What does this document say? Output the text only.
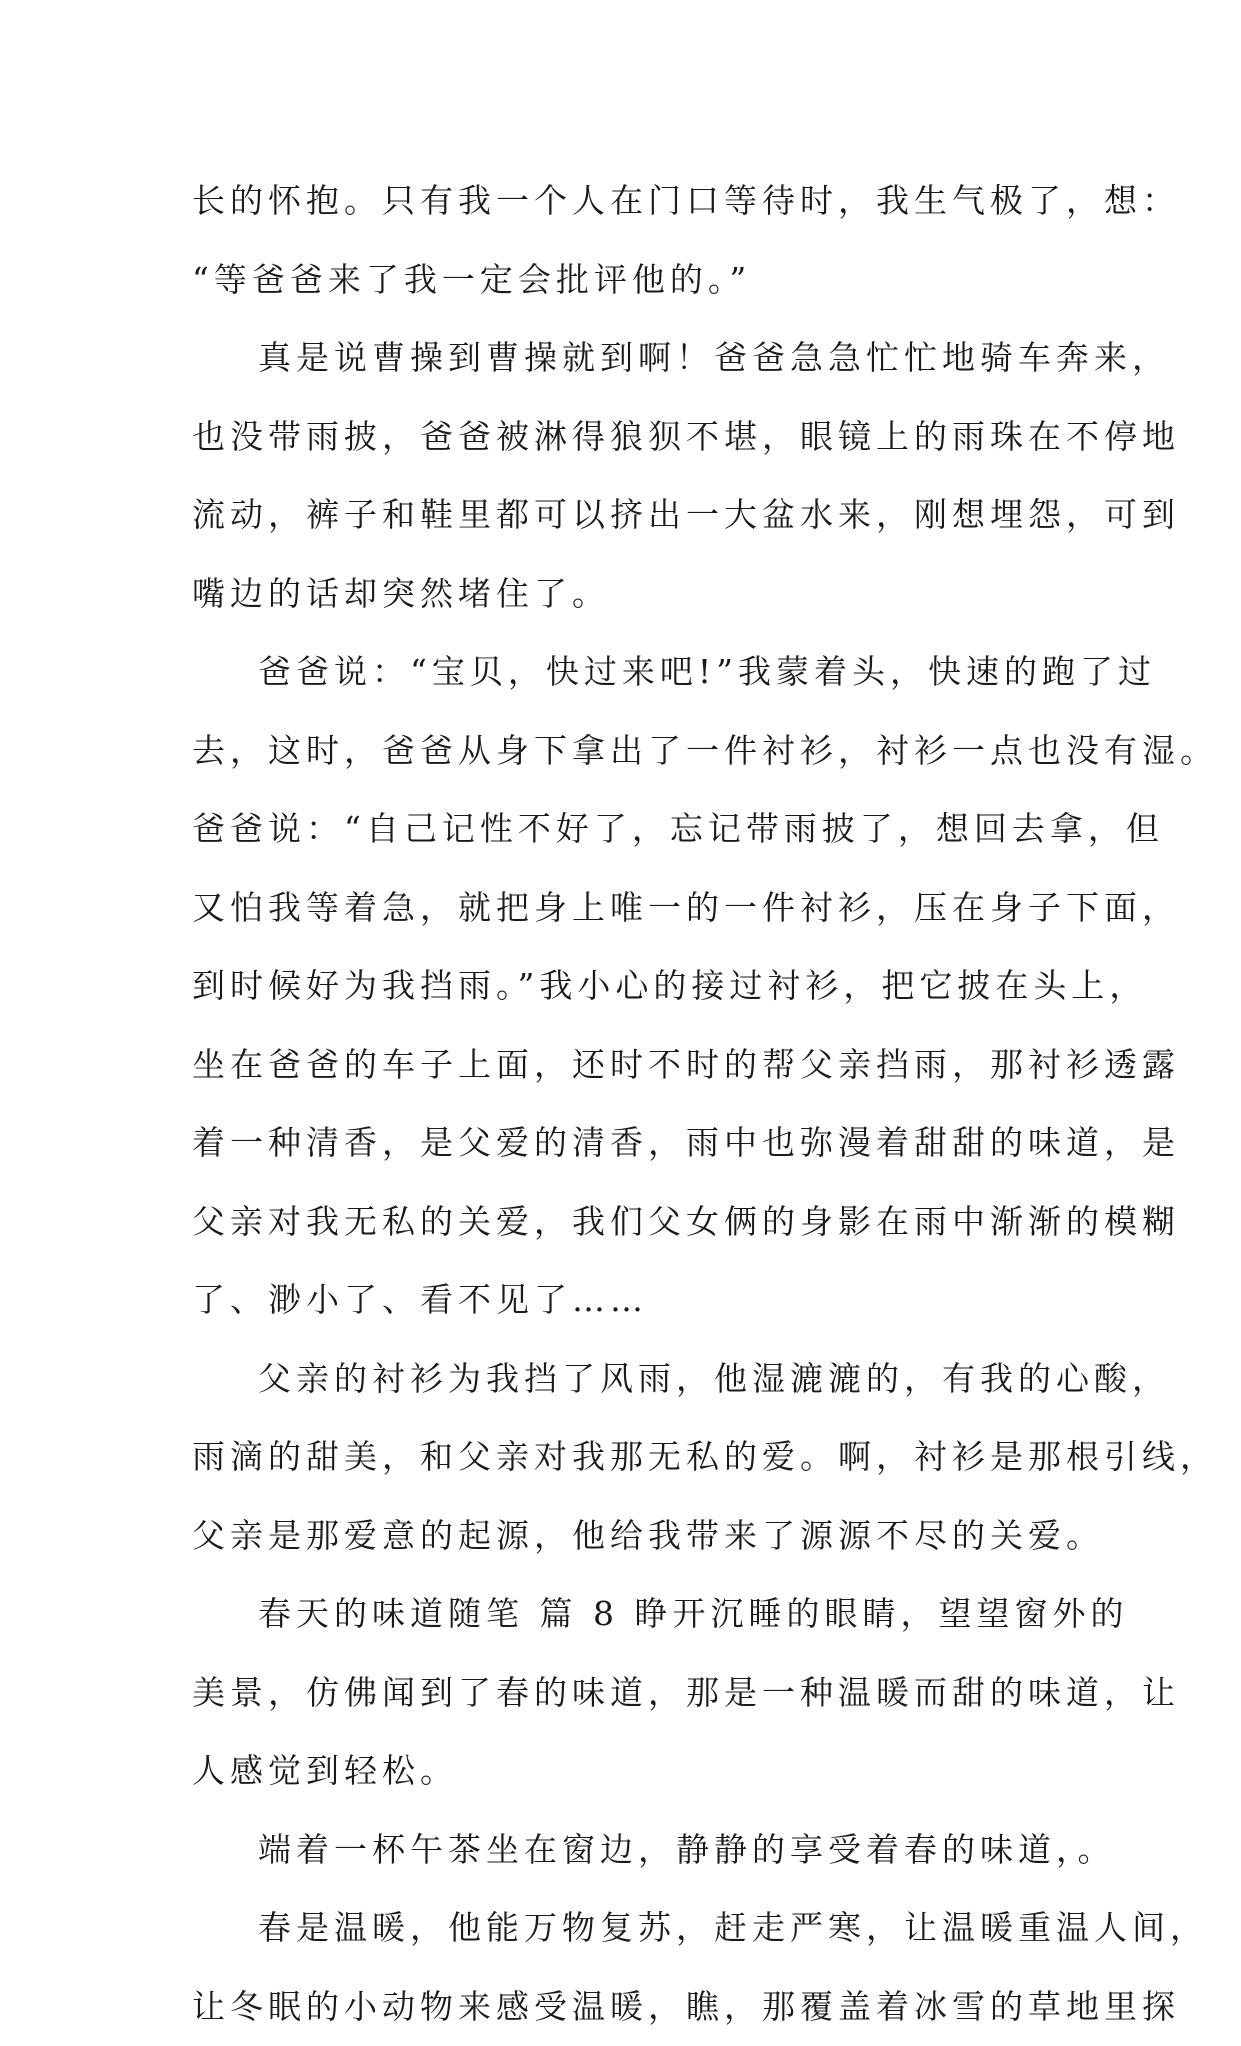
长的怀抱。只有我一个人在门口等待时，我生气极了，想：
“等爸爸来了我一定会批评他的。”
真是说曹操到曹操就到啊！爸爸急急忙忙地骑车奔来，
也没带雨披，爸爸被淋得狼狈不堪，眼镜上的雨珠在不停地
流动，裤子和鞋里都可以挤出一大盆水来，刚想埋怨，可到
嘴边的话却突然堵住了。
爸爸说：“宝贝，快过来吧!”我蒙着头，快速的跑了过
去，这时，爸爸从身下拿出了一件衬衫，衬衫一点也没有湿。
爸爸说：“自己记性不好了，忘记带雨披了，想回去拿，但
又怕我等着急，就把身上唯一的一件衬衫，压在身子下面，
到时候好为我挡雨。”我小心的接过衬衫，把它披在头上，
坐在爸爸的车子上面，还时不时的帮父亲挡雨，那衬衫透露
着一种清香，是父爱的清香，雨中也弥漫着甜甜的味道，是
父亲对我无私的关爱，我们父女俩的身影在雨中渐渐的模糊
了、渺小了、看不见了……
父亲的衬衫为我挡了风雨，他湿漉漉的，有我的心酸，
雨滴的甜美，和父亲对我那无私的爱。啊，衬衫是那根引线，
父亲是那爱意的起源，他给我带来了源源不尽的关爱。
春天的味道随笔 篇 8 睁开沉睡的眼睛，望望窗外的
美景，仿佛闻到了春的味道，那是一种温暖而甜的味道，让
人感觉到轻松。
端着一杯午茶坐在窗边，静静的享受着春的味道，。
春是温暖，他能万物复苏，赶走严寒，让温暖重温人间，
让冬眠的小动物来感受温暖，瞧，那覆盖着冰雪的草地里探
